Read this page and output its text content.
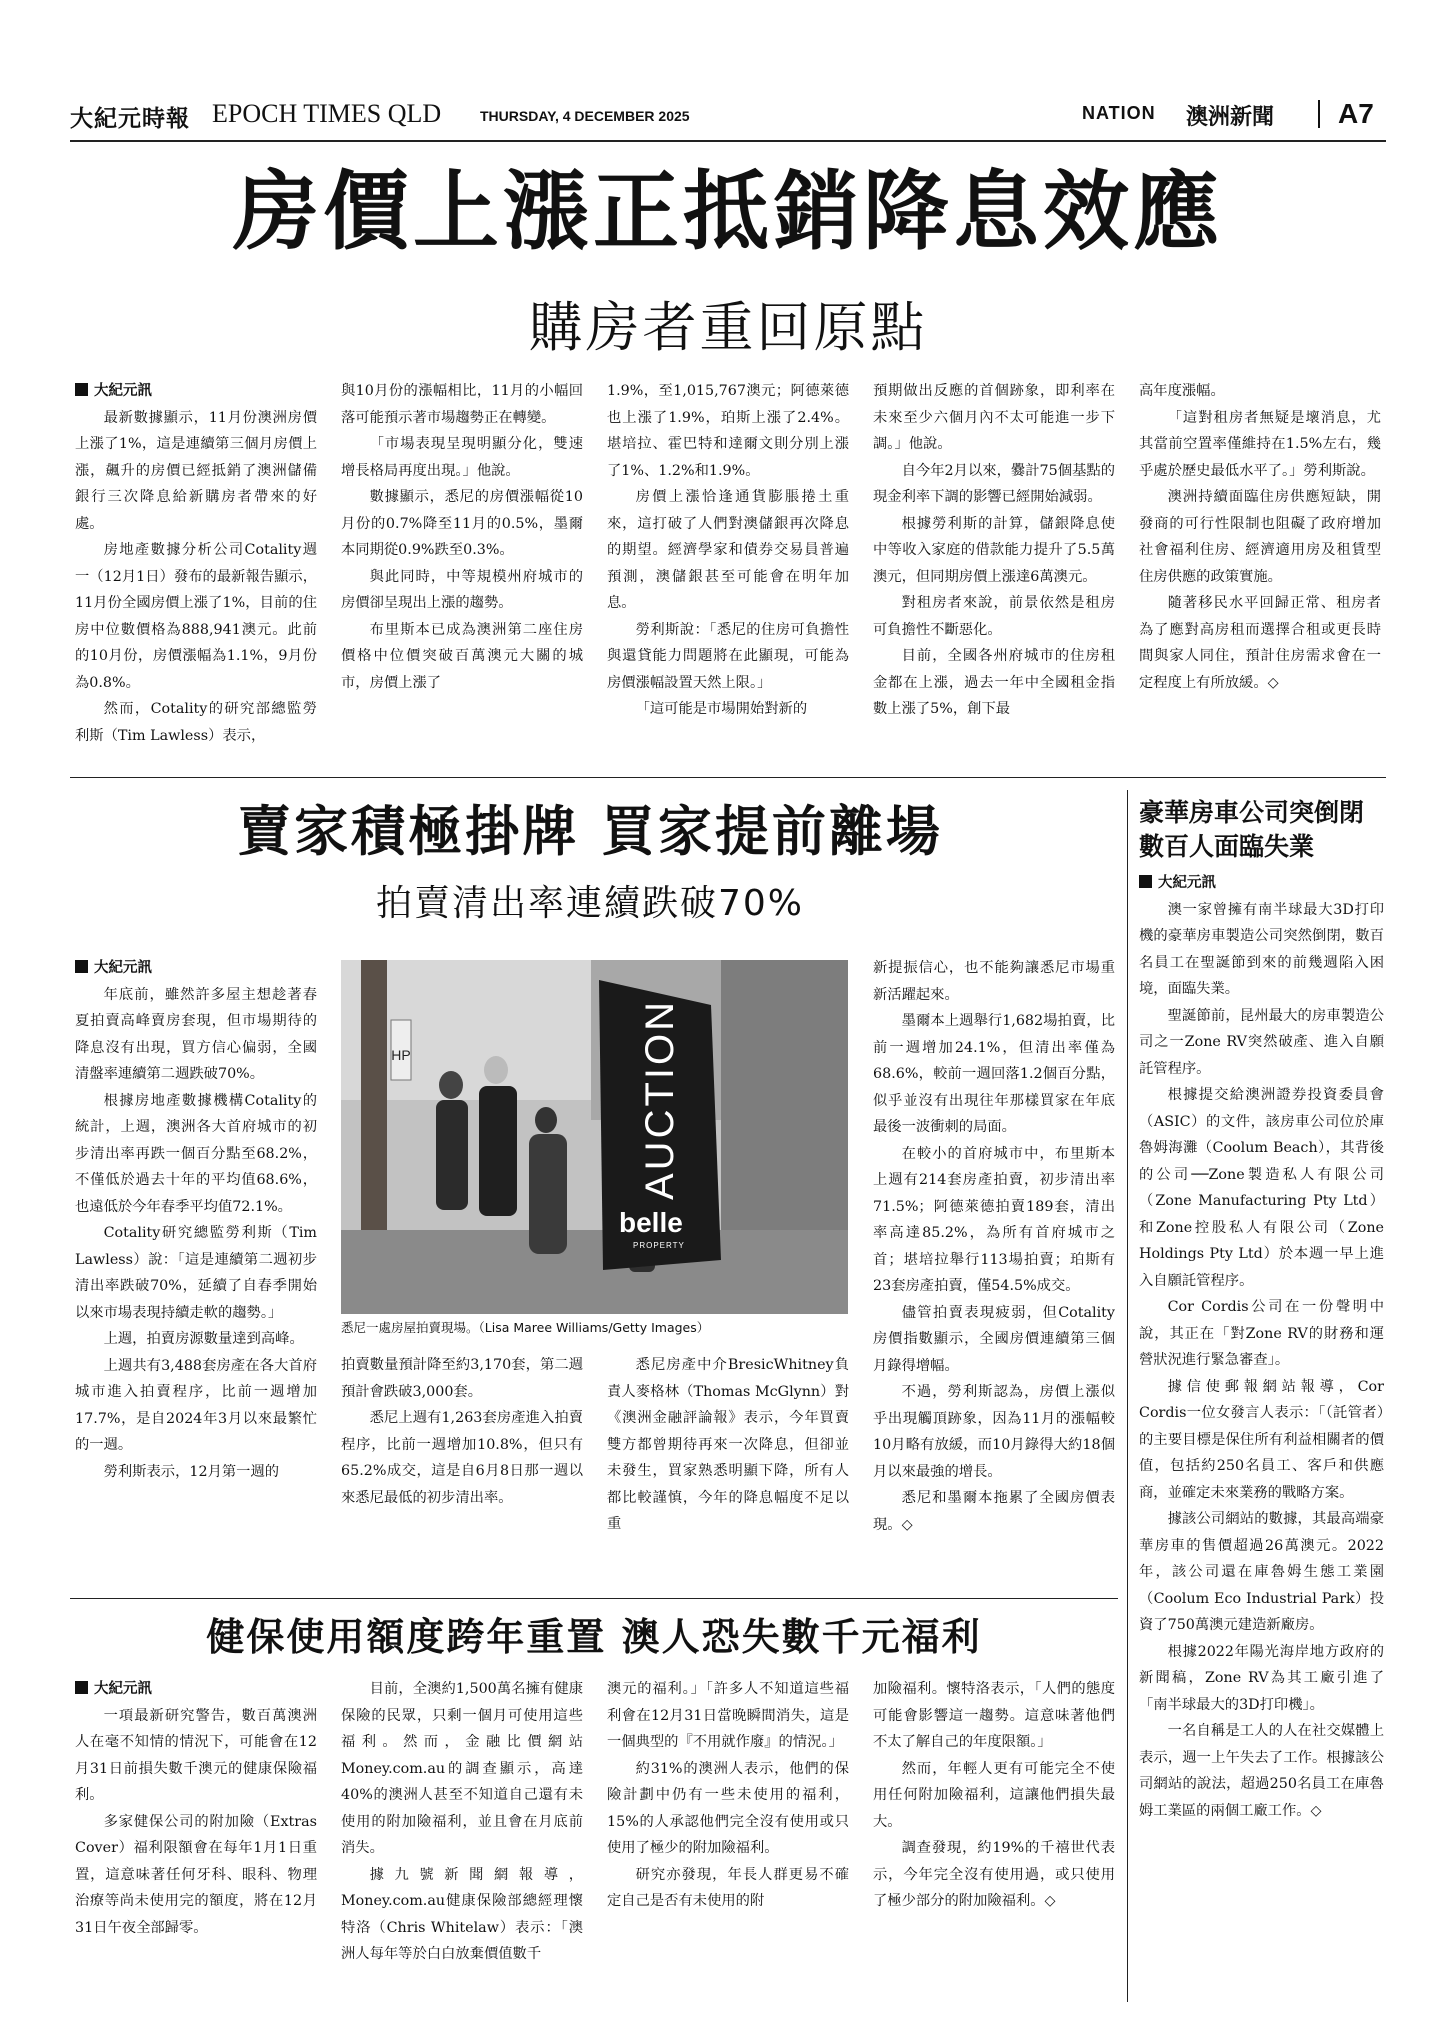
大紀元時報 EPOCH TIMES QLD	THURSDAY, 4 DECEMBER 2025	NATION 澳洲新聞 A7
房價上漲正抵銷降息效應
購房者重回原點
大紀元訊

最新數據顯示，11月份澳洲房價上漲了1%，這是連續第三個月房價上漲，飆升的房價已經抵銷了澳洲儲備銀行三次降息給新購房者帶來的好處。

房地產數據分析公司Cotality週一（12月1日）發布的最新報告顯示，11月份全國房價上漲了1%，目前的住房中位數價格為888,941澳元。此前的10月份，房價漲幅為1.1%，9月份為0.8%。

然而，Cotality的研究部總監勞利斯（Tim Lawless）表示，

與10月份的漲幅相比，11月的小幅回落可能預示著市場趨勢正在轉變。

「市場表現呈現明顯分化，雙速增長格局再度出現。」他說。

數據顯示，悉尼的房價漲幅從10月份的0.7%降至11月的0.5%，墨爾本同期從0.9%跌至0.3%。

與此同時，中等規模州府城市的房價卻呈現出上漲的趨勢。

布里斯本已成為澳洲第二座住房價格中位價突破百萬澳元大關的城市，房價上漲了

1.9%，至1,015,767澳元；阿德萊德也上漲了1.9%，珀斯上漲了2.4%。堪培拉、霍巴特和達爾文則分別上漲了1%、1.2%和1.9%。

房價上漲恰逢通貨膨脹捲土重來，這打破了人們對澳儲銀再次降息的期望。經濟學家和債券交易員普遍預測，澳儲銀甚至可能會在明年加息。

勞利斯說：「悉尼的住房可負擔性與還貸能力問題將在此顯現，可能為房價漲幅設置天然上限。」

「這可能是市場開始對新的

預期做出反應的首個跡象，即利率在未來至少六個月內不太可能進一步下調。」他說。

自今年2月以來，爨計75個基點的現金利率下調的影響已經開始減弱。

根據勞利斯的計算，儲銀降息使中等收入家庭的借款能力提升了5.5萬澳元，但同期房價上漲達6萬澳元。

對租房者來說，前景依然是租房可負擔性不斷惡化。

目前，全國各州府城市的住房租金都在上漲，過去一年中全國租金指數上漲了5%，創下最

高年度漲幅。

「這對租房者無疑是壞消息，尤其當前空置率僅維持在1.5%左右，幾乎處於歷史最低水平了。」勞利斯說。

澳洲持續面臨住房供應短缺，開發商的可行性限制也阻礙了政府增加社會福利住房、經濟適用房及租賃型住房供應的政策實施。

隨著移民水平回歸正常、租房者為了應對高房租而選擇合租或更長時間與家人同住，預計住房需求會在一定程度上有所放緩。◇

賣家積極掛牌 買家提前離場
拍賣清出率連續跌破70%
大紀元訊

年底前，雖然許多屋主想趁著春夏拍賣高峰賣房套現，但市場期待的降息沒有出現，買方信心偏弱，全國清盤率連續第二週跌破70%。

根據房地產數據機構Cotality的統計，上週，澳洲各大首府城市的初步清出率再跌一個百分點至68.2%，不僅低於過去十年的平均值68.6%，也遠低於今年春季平均值72.1%。

Cotality研究總監勞利斯（Tim Lawless）說：「這是連續第二週初步清出率跌破70%，延續了自春季開始以來市場表現持續走軟的趨勢。」

上週，拍賣房源數量達到高峰。

上週共有3,488套房產在各大首府城市進入拍賣程序，比前一週增加17.7%，是自2024年3月以來最繁忙的一週。

勞利斯表示，12月第一週的

HP	AUCTION
belle
PROPERTY
悉尼一處房屋拍賣現場。（Lisa Maree Williams/Getty Images）

拍賣數量預計降至約3,170套，第二週預計會跌破3,000套。

悉尼上週有1,263套房產進入拍賣程序，比前一週增加10.8%，但只有65.2%成交，這是自6月8日那一週以來悉尼最低的初步清出率。

悉尼房產中介BresicWhitney負責人麥格林（Thomas McGlynn）對《澳洲金融評論報》表示，今年買賣雙方都曾期待再來一次降息，但卻並未發生，買家熟悉明顯下降，所有人都比較謹慎，今年的降息幅度不足以重

新提振信心，也不能夠讓悉尼市場重新活躍起來。

墨爾本上週舉行1,682場拍賣，比前一週增加24.1%，但清出率僅為68.6%，較前一週回落1.2個百分點，似乎並沒有出現往年那樣買家在年底最後一波衝刺的局面。

在較小的首府城市中，布里斯本上週有214套房產拍賣，初步清出率71.5%；阿德萊德拍賣189套，清出率高達85.2%，為所有首府城市之首；堪培拉舉行113場拍賣；珀斯有23套房產拍賣，僅54.5%成交。

儘管拍賣表現疲弱，但Cotality房價指數顯示，全國房價連續第三個月錄得增幅。

不過，勞利斯認為，房價上漲似乎出現觸頂跡象，因為11月的漲幅較10月略有放緩，而10月錄得大約18個月以來最強的增長。

悉尼和墨爾本拖累了全國房價表現。◇

豪華房車公司突倒閉
數百人面臨失業
大紀元訊

澳一家曾擁有南半球最大3D打印機的豪華房車製造公司突然倒閉，數百名員工在聖誕節到來的前幾週陷入困境，面臨失業。

聖誕節前，昆州最大的房車製造公司之一Zone RV突然破產、進入自願託管程序。

根據提交給澳洲證券投資委員會（ASIC）的文件，該房車公司位於庫魯姆海灘（Coolum Beach），其背後的公司──Zone製造私人有限公司（Zone Manufacturing Pty Ltd）和Zone控股私人有限公司（Zone Holdings Pty Ltd）於本週一早上進入自願託管程序。

Cor Cordis公司在一份聲明中說，其正在「對Zone RV的財務和運營狀況進行緊急審查」。

據信使郵報網站報導，Cor Cordis一位女發言人表示：「（託管者）的主要目標是保住所有利益相關者的價值，包括約250名員工、客戶和供應商，並確定未來業務的戰略方案。

據該公司網站的數據，其最高端豪華房車的售價超過26萬澳元。2022年，該公司還在庫魯姆生態工業園（Coolum Eco Industrial Park）投資了750萬澳元建造新廠房。

根據2022年陽光海岸地方政府的新聞稿，Zone RV為其工廠引進了「南半球最大的3D打印機」。

一名自稱是工人的人在社交媒體上表示，週一上午失去了工作。根據該公司網站的說法，超過250名員工在庫魯姆工業區的兩個工廠工作。◇

健保使用額度跨年重置 澳人恐失數千元福利
大紀元訊

一項最新研究警告，數百萬澳洲人在毫不知情的情況下，可能會在12月31日前損失數千澳元的健康保險福利。

多家健保公司的附加險（Extras Cover）福利限額會在每年1月1日重置，這意味著任何牙科、眼科、物理治療等尚未使用完的額度，將在12月31日午夜全部歸零。

目前，全澳約1,500萬名擁有健康保險的民眾，只剩一個月可使用這些福利。然而，金融比價網站Money.com.au的調查顯示，高達40%的澳洲人甚至不知道自己還有未使用的附加險福利，並且會在月底前消失。

據九號新聞網報導，Money.com.au健康保險部總經理懷特洛（Chris Whitelaw）表示：「澳洲人每年等於白白放棄價值數千

澳元的福利。」「許多人不知道這些福利會在12月31日當晚瞬間消失，這是一個典型的『不用就作廢』的情況。」

約31%的澳洲人表示，他們的保險計劃中仍有一些未使用的福利，15%的人承認他們完全沒有使用或只使用了極少的附加險福利。

研究亦發現，年長人群更易不確定自己是否有未使用的附

加險福利。懷特洛表示，「人們的態度可能會影響這一趨勢。這意味著他們不太了解自己的年度限額。」

然而，年輕人更有可能完全不使用任何附加險福利，這讓他們損失最大。

調查發現，約19%的千禧世代表示，今年完全沒有使用過，或只使用了極少部分的附加險福利。◇
